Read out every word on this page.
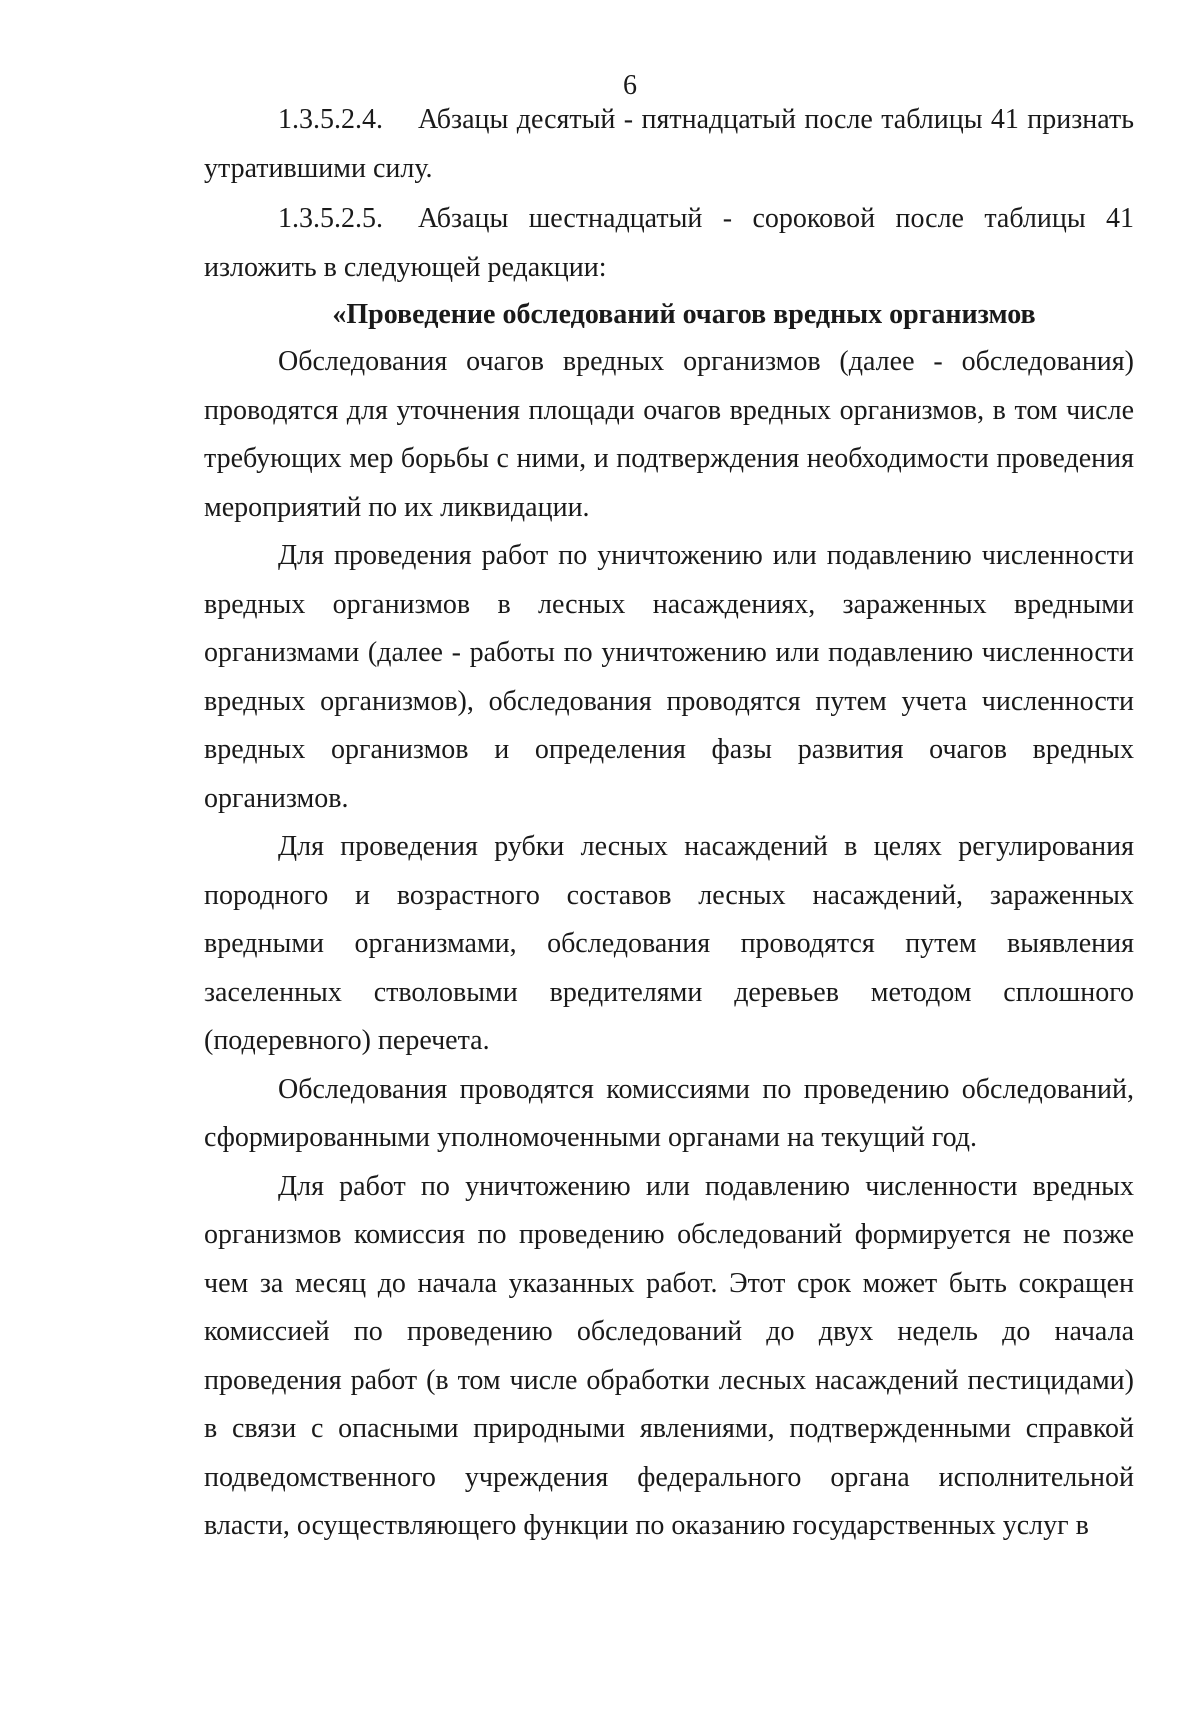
6

1.3.5.2.4. Абзацы десятый - пятнадцатый после таблицы 41 признать утратившими силу.

1.3.5.2.5. Абзацы шестнадцатый - сороковой после таблицы 41 изложить в следующей редакции:

«Проведение обследований очагов вредных организмов

Обследования очагов вредных организмов (далее - обследования) проводятся для уточнения площади очагов вредных организмов, в том числе требующих мер борьбы с ними, и подтверждения необходимости проведения мероприятий по их ликвидации.

Для проведения работ по уничтожению или подавлению численности вредных организмов в лесных насаждениях, зараженных вредными организмами (далее - работы по уничтожению или подавлению численности вредных организмов), обследования проводятся путем учета численности вредных организмов и определения фазы развития очагов вредных организмов.

Для проведения рубки лесных насаждений в целях регулирования породного и возрастного составов лесных насаждений, зараженных вредными организмами, обследования проводятся путем выявления заселенных стволовыми вредителями деревьев методом сплошного (подеревного) перечета.

Обследования проводятся комиссиями по проведению обследований, сформированными уполномоченными органами на текущий год.

Для работ по уничтожению или подавлению численности вредных организмов комиссия по проведению обследований формируется не позже чем за месяц до начала указанных работ. Этот срок может быть сокращен комиссией по проведению обследований до двух недель до начала проведения работ (в том числе обработки лесных насаждений пестицидами) в связи с опасными природными явлениями, подтвержденными справкой подведомственного учреждения федерального органа исполнительной власти, осуществляющего функции по оказанию государственных услуг в
